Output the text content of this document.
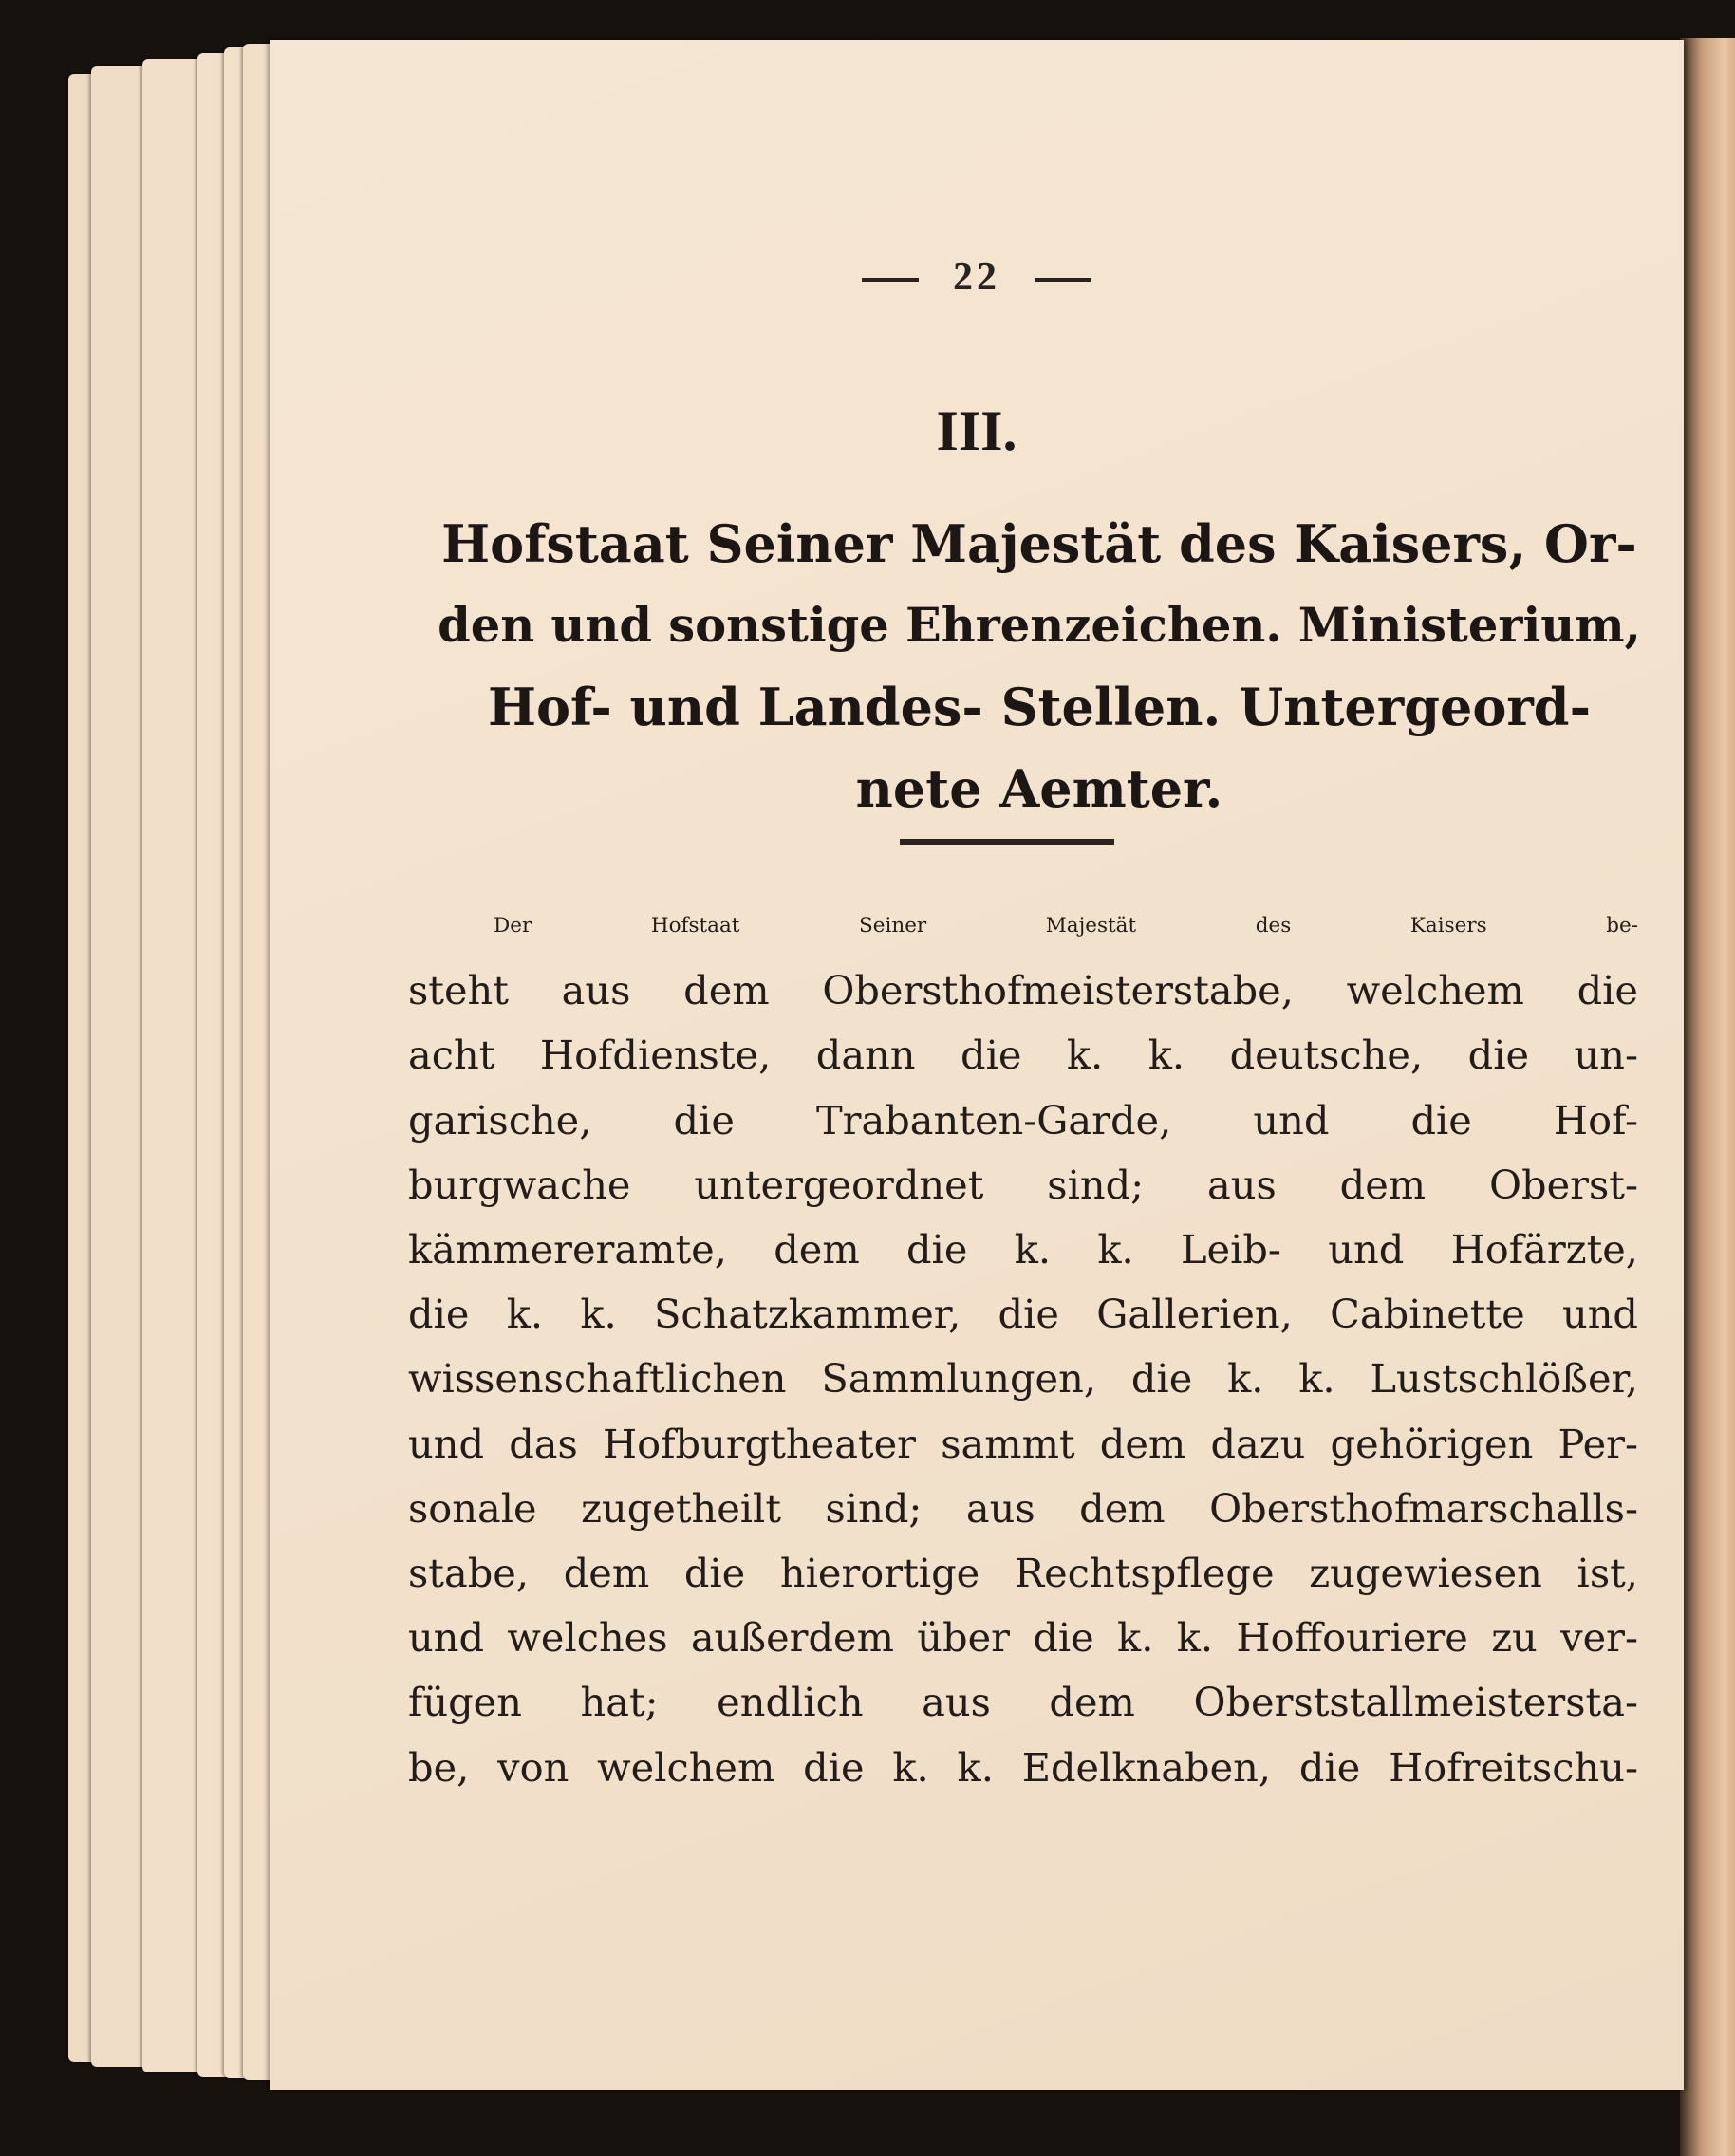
22
III.
Hofstaat Seiner Majestät des Kaisers, Or-
den und sonstige Ehrenzeichen. Ministerium,
Hof- und Landes- Stellen. Untergeord-
nete Aemter.
Der Hofstaat Seiner Majestät des Kaisers be-
steht aus dem Obersthofmeisterstabe, welchem die
acht Hofdienste, dann die k. k. deutsche, die un-
garische, die Trabanten-Garde, und die Hof-
burgwache untergeordnet sind; aus dem Oberst-
kämmereramte, dem die k. k. Leib- und Hofärzte,
die k. k. Schatzkammer, die Gallerien, Cabinette und
wissenschaftlichen Sammlungen, die k. k. Lustschlößer,
und das Hofburgtheater sammt dem dazu gehörigen Per-
sonale zugetheilt sind; aus dem Obersthofmarschalls-
stabe, dem die hierortige Rechtspflege zugewiesen ist,
und welches außerdem über die k. k. Hoffouriere zu ver-
fügen hat; endlich aus dem Oberststallmeistersta-
be, von welchem die k. k. Edelknaben, die Hofreitschu-
